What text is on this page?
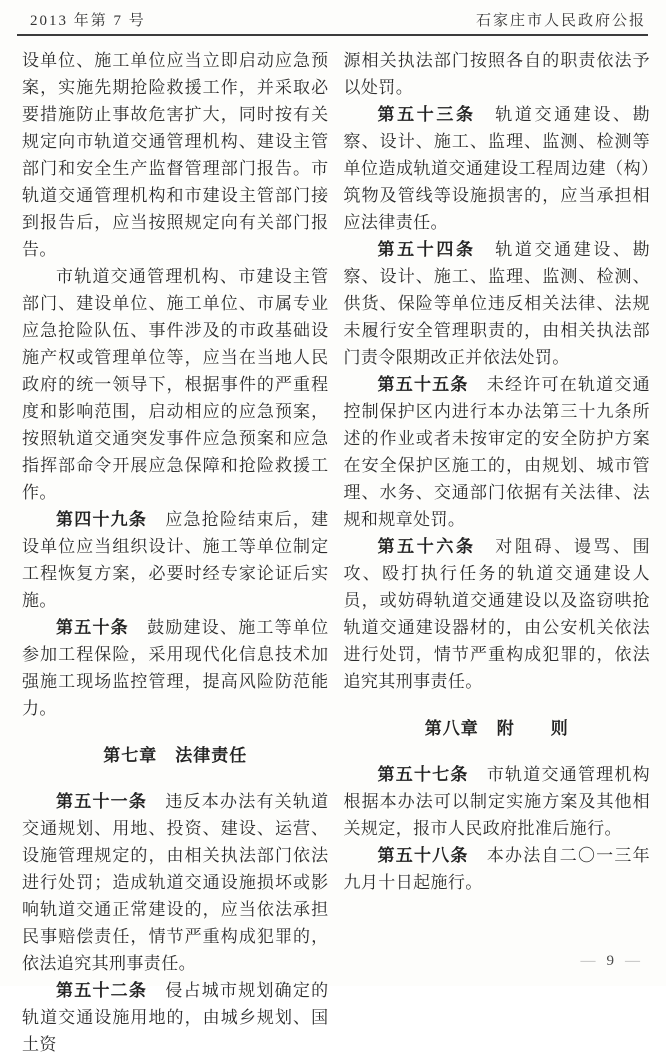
2013 年第 7 号	石家庄市人民政府公报

设单位、施工单位应当立即启动应急预案，实施先期抢险救援工作，并采取必要措施防止事故危害扩大，同时按有关规定向市轨道交通管理机构、建设主管部门和安全生产监督管理部门报告。市轨道交通管理机构和市建设主管部门接到报告后，应当按照规定向有关部门报告。

市轨道交通管理机构、市建设主管部门、建设单位、施工单位、市属专业应急抢险队伍、事件涉及的市政基础设施产权或管理单位等，应当在当地人民政府的统一领导下，根据事件的严重程度和影响范围，启动相应的应急预案，按照轨道交通突发事件应急预案和应急指挥部命令开展应急保障和抢险救援工作。

第四十九条　应急抢险结束后，建设单位应当组织设计、施工等单位制定工程恢复方案，必要时经专家论证后实施。

第五十条　鼓励建设、施工等单位参加工程保险，采用现代化信息技术加强施工现场监控管理，提高风险防范能力。

第七章　法律责任

第五十一条　违反本办法有关轨道交通规划、用地、投资、建设、运营、设施管理规定的，由相关执法部门依法进行处罚；造成轨道交通设施损坏或影响轨道交通正常建设的，应当依法承担民事赔偿责任，情节严重构成犯罪的，依法追究其刑事责任。

第五十二条　侵占城市规划确定的轨道交通设施用地的，由城乡规划、国土资

源相关执法部门按照各自的职责依法予以处罚。

第五十三条　轨道交通建设、勘察、设计、施工、监理、监测、检测等单位造成轨道交通建设工程周边建（构）筑物及管线等设施损害的，应当承担相应法律责任。

第五十四条　轨道交通建设、勘察、设计、施工、监理、监测、检测、供货、保险等单位违反相关法律、法规未履行安全管理职责的，由相关执法部门责令限期改正并依法处罚。

第五十五条　未经许可在轨道交通控制保护区内进行本办法第三十九条所述的作业或者未按审定的安全防护方案在安全保护区施工的，由规划、城市管理、水务、交通部门依据有关法律、法规和规章处罚。

第五十六条　对阻碍、谩骂、围攻、殴打执行任务的轨道交通建设人员，或妨碍轨道交通建设以及盗窃哄抢轨道交通建设器材的，由公安机关依法进行处罚，情节严重构成犯罪的，依法追究其刑事责任。

第八章　附　　则

第五十七条　市轨道交通管理机构根据本办法可以制定实施方案及其他相关规定，报市人民政府批准后施行。

第五十八条　本办法自二〇一三年九月十日起施行。

— 9 —
